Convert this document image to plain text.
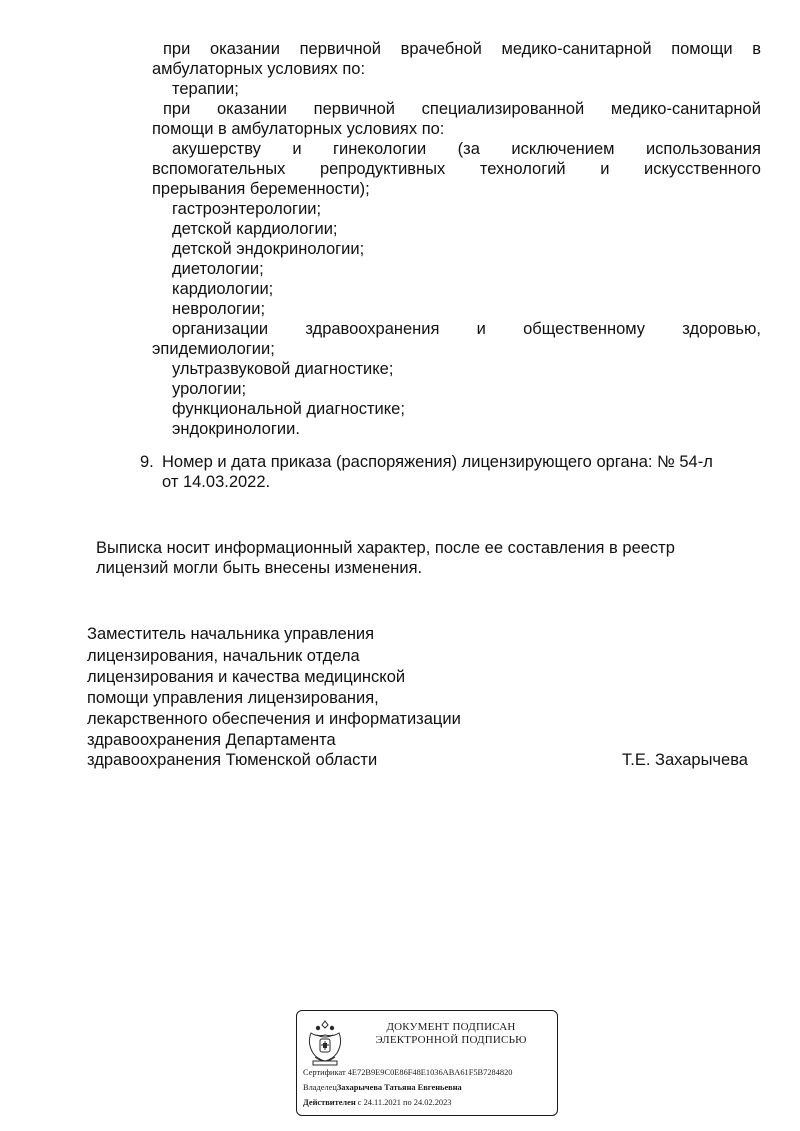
при оказании первичной врачебной медико-санитарной помощи в
амбулаторных условиях по:
терапии;
при оказании первичной специализированной медико-санитарной
помощи в амбулаторных условиях по:
акушерству и гинекологии (за исключением использования
вспомогательных репродуктивных технологий и искусственного
прерывания беременности);
гастроэнтерологии;
детской кардиологии;
детской эндокринологии;
диетологии;
кардиологии;
неврологии;
организации здравоохранения и общественному здоровью,
эпидемиологии;
ультразвуковой диагностике;
урологии;
функциональной диагностике;
эндокринологии.
9. Номер и дата приказа (распоряжения) лицензирующего органа: № 54-л
от 14.03.2022.
Выписка носит информационный характер, после ее составления в реестр
лицензий могли быть внесены изменения.
Заместитель начальника управления
лицензирования, начальник отдела
лицензирования и качества медицинской
помощи управления лицензирования,
лекарственного обеспечения и информатизации
здравоохранения Департамента
здравоохранения Тюменской области	Т.Е. Захарычева
ДОКУМЕНТ ПОДПИСАН
ЭЛЕКТРОННОЙ ПОДПИСЬЮ
Сертификат 4E72B9E9C0E86F48E1036ABA61F5B7284820
ВладелецЗахарычева Татьяна Евгеньевна
Действителен с 24.11.2021 по 24.02.2023
